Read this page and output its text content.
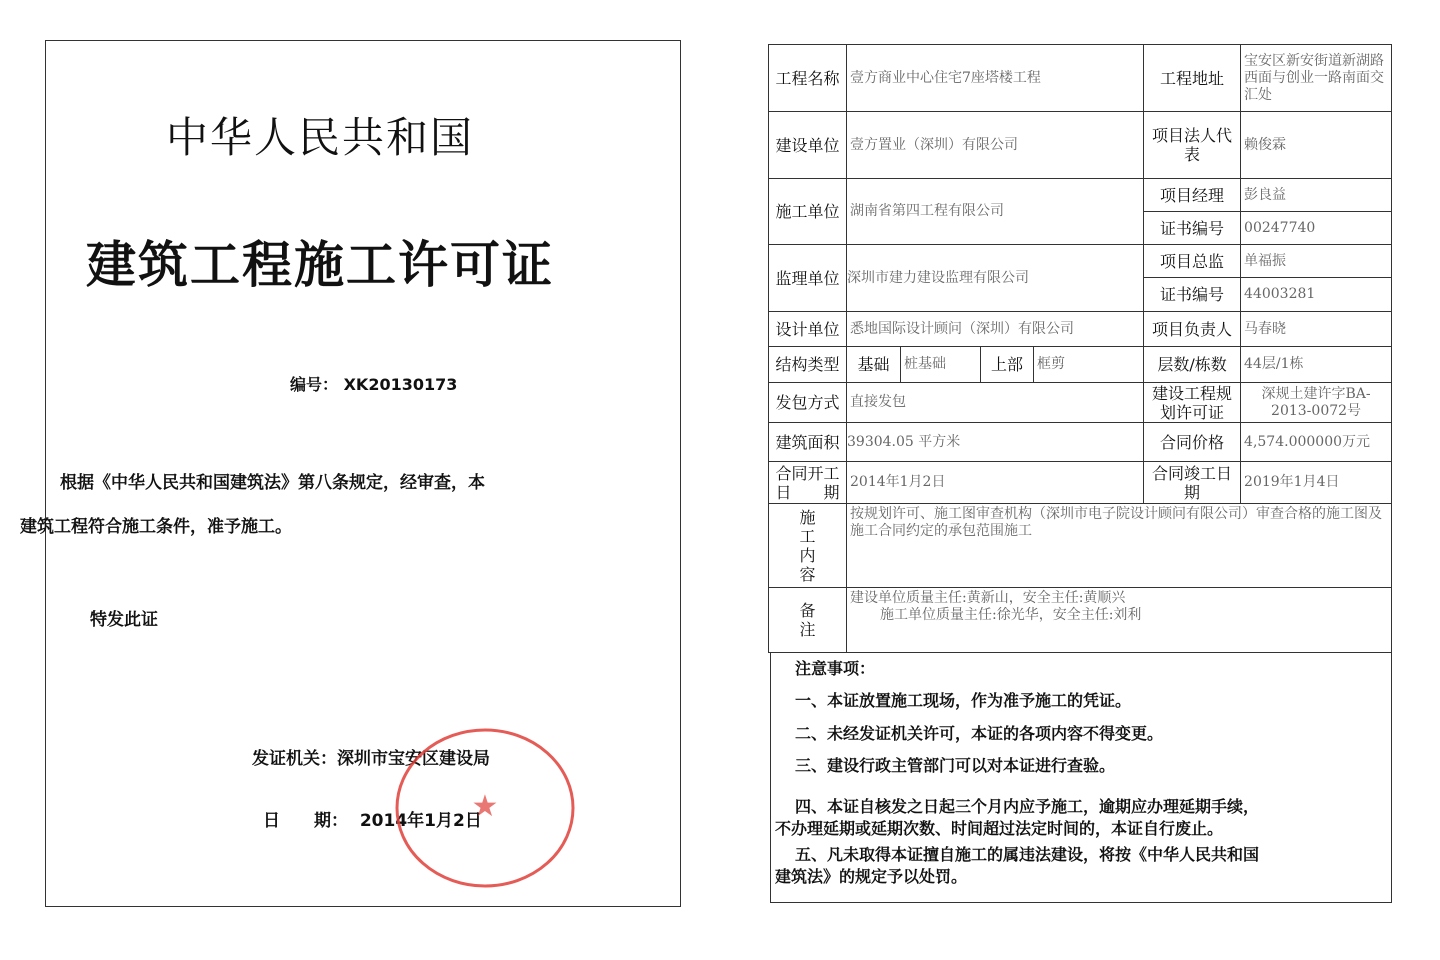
中华人民共和国
建筑工程施工许可证
编号： XK20130173
根据《中华人民共和国建筑法》第八条规定，经审查，本
建筑工程符合施工条件，准予施工。
特发此证
发证机关：深圳市宝安区建设局
日　　期： 2014年1月2日
★
工程名称	壹方商业中心住宅7座塔楼工程				工程地址	宝安区新安街道新湖路西面与创业一路南面交汇处
建设单位	壹方置业（深圳）有限公司				项目法人代表	赖俊霖
施工单位	湖南省第四工程有限公司				项目经理	彭良益
					证书编号	00247740
监理单位	深圳市建力建设监理有限公司				项目总监	单福振
					证书编号	44003281
设计单位	悉地国际设计顾问（深圳）有限公司				项目负责人	马春晓
结构类型	基础	桩基础	上部	框剪	层数/栋数	44层/1栋
发包方式	直接发包				建设工程规划许可证	深规土建许字BA-2013-0072号
建筑面积	39304.05 平方米				合同价格	4,574.000000万元
合同开工日　　期	2014年1月2日				合同竣工日　　期	2019年1月4日
施工内容	按规划许可、施工图审查机构（深圳市电子院设计顾问有限公司）审查合格的施工图及施工合同约定的承包范围施工					
备注	建设单位质量主任:黄新山，安全主任:黄顺兴
施工单位质量主任:徐光华，安全主任:刘利					
注意事项：
一、本证放置施工现场，作为准予施工的凭证。
二、未经发证机关许可，本证的各项内容不得变更。
三、建设行政主管部门可以对本证进行查验。
四、本证自核发之日起三个月内应予施工，逾期应办理延期手续，
不办理延期或延期次数、时间超过法定时间的，本证自行废止。
五、凡未取得本证擅自施工的属违法建设，将按《中华人民共和国
建筑法》的规定予以处罚。
